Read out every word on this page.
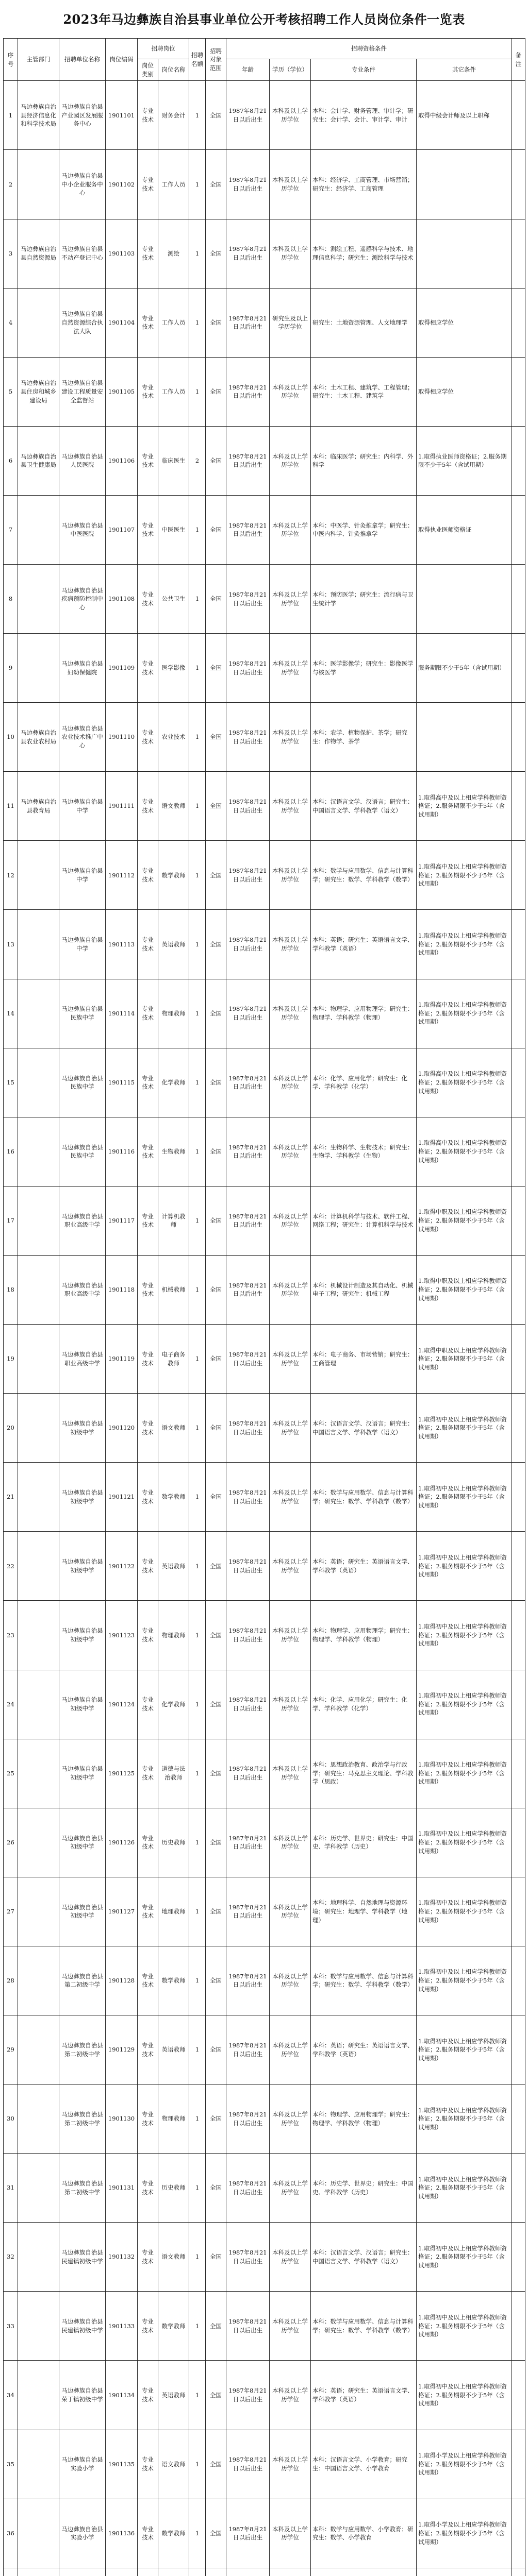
2023年马边彝族自治县事业单位公开考核招聘工作人员岗位条件一览表
序号	主管部门	招聘单位名称	岗位编码	招聘岗位		招聘名额	招聘对象范围	招聘资格条件				备注
				岗位类别	岗位名称			年龄	学历（学位）	专业条件	其它条件	
1	马边彝族自治县经济信息化和科学技术局	马边彝族自治县产业园区发展服务中心	1901101	专业技术	财务会计	1	全国	1987年8月21日以后出生	本科及以上学历学位	本科：会计学、财务管理、审计学；研究生：会计学、会计、审计学、审计	取得中级会计师及以上职称	
2		马边彝族自治县中小企业服务中心	1901102	专业技术	工作人员	1	全国	1987年8月21日以后出生	本科及以上学历学位	本科：经济学、工商管理、市场营销；研究生：经济学、工商管理		
3	马边彝族自治县自然资源局	马边彝族自治县不动产登记中心	1901103	专业技术	测绘	1	全国	1987年8月21日以后出生	本科及以上学历学位	本科：测绘工程、遥感科学与技术、地理信息科学；研究生：测绘科学与技术		
4		马边彝族自治县自然资源综合执法大队	1901104	专业技术	工作人员	1	全国	1987年8月21日以后出生	研究生及以上学历学位	研究生：土地资源管理、人文地理学	取得相应学位	
5	马边彝族自治县住房和城乡建设局	马边彝族自治县建设工程质量安全监督站	1901105	专业技术	工作人员	1	全国	1987年8月21日以后出生	本科及以上学历学位	本科：土木工程、建筑学、工程管理；研究生：土木工程、建筑学	取得相应学位	
6	马边彝族自治县卫生健康局	马边彝族自治县人民医院	1901106	专业技术	临床医生	2	全国	1987年8月21日以后出生	本科及以上学历学位	本科：临床医学；研究生：内科学、外科学	1.取得执业医师资格证；2.服务期限不少于5年（含试用期）	
7		马边彝族自治县中医医院	1901107	专业技术	中医医生	1	全国	1987年8月21日以后出生	本科及以上学历学位	本科：中医学、针灸推拿学；研究生：中医内科学、针灸推拿学	取得执业医师资格证	
8		马边彝族自治县疾病预防控制中心	1901108	专业技术	公共卫生	1	全国	1987年8月21日以后出生	本科及以上学历学位	本科：预防医学；研究生：流行病与卫生统计学		
9		马边彝族自治县妇幼保健院	1901109	专业技术	医学影像	1	全国	1987年8月21日以后出生	本科及以上学历学位	本科：医学影像学；研究生：影像医学与核医学	服务期限不少于5年（含试用期）	
10	马边彝族自治县农业农村局	马边彝族自治县农业技术推广中心	1901110	专业技术	农业技术	1	全国	1987年8月21日以后出生	本科及以上学历学位	本科：农学、植物保护、茶学；研究生：作物学、茶学		
11	马边彝族自治县教育局	马边彝族自治县中学	1901111	专业技术	语文教师	1	全国	1987年8月21日以后出生	本科及以上学历学位	本科：汉语言文学、汉语言；研究生：中国语言文学、学科教学（语文）	1.取得高中及以上相应学科教师资格证；2.服务期限不少于5年（含试用期）	
12		马边彝族自治县中学	1901112	专业技术	数学教师	1	全国	1987年8月21日以后出生	本科及以上学历学位	本科：数学与应用数学、信息与计算科学；研究生：数学、学科教学（数学）	1.取得高中及以上相应学科教师资格证；2.服务期限不少于5年（含试用期）	
13		马边彝族自治县中学	1901113	专业技术	英语教师	1	全国	1987年8月21日以后出生	本科及以上学历学位	本科：英语；研究生：英语语言文学、学科教学（英语）	1.取得高中及以上相应学科教师资格证；2.服务期限不少于5年（含试用期）	
14		马边彝族自治县民族中学	1901114	专业技术	物理教师	1	全国	1987年8月21日以后出生	本科及以上学历学位	本科：物理学、应用物理学；研究生：物理学、学科教学（物理）	1.取得高中及以上相应学科教师资格证；2.服务期限不少于5年（含试用期）	
15		马边彝族自治县民族中学	1901115	专业技术	化学教师	1	全国	1987年8月21日以后出生	本科及以上学历学位	本科：化学、应用化学；研究生：化学、学科教学（化学）	1.取得高中及以上相应学科教师资格证；2.服务期限不少于5年（含试用期）	
16		马边彝族自治县民族中学	1901116	专业技术	生物教师	1	全国	1987年8月21日以后出生	本科及以上学历学位	本科：生物科学、生物技术；研究生：生物学、学科教学（生物）	1.取得高中及以上相应学科教师资格证；2.服务期限不少于5年（含试用期）	
17		马边彝族自治县职业高级中学	1901117	专业技术	计算机教师	1	全国	1987年8月21日以后出生	本科及以上学历学位	本科：计算机科学与技术、软件工程、网络工程；研究生：计算机科学与技术	1.取得中职及以上相应学科教师资格证；2.服务期限不少于5年（含试用期）	
18		马边彝族自治县职业高级中学	1901118	专业技术	机械教师	1	全国	1987年8月21日以后出生	本科及以上学历学位	本科：机械设计制造及其自动化、机械电子工程；研究生：机械工程	1.取得中职及以上相应学科教师资格证；2.服务期限不少于5年（含试用期）	
19		马边彝族自治县职业高级中学	1901119	专业技术	电子商务教师	1	全国	1987年8月21日以后出生	本科及以上学历学位	本科：电子商务、市场营销；研究生：工商管理	1.取得中职及以上相应学科教师资格证；2.服务期限不少于5年（含试用期）	
20		马边彝族自治县初级中学	1901120	专业技术	语文教师	1	全国	1987年8月21日以后出生	本科及以上学历学位	本科：汉语言文学、汉语言；研究生：中国语言文学、学科教学（语文）	1.取得初中及以上相应学科教师资格证；2.服务期限不少于5年（含试用期）	
21		马边彝族自治县初级中学	1901121	专业技术	数学教师	1	全国	1987年8月21日以后出生	本科及以上学历学位	本科：数学与应用数学、信息与计算科学；研究生：数学、学科教学（数学）	1.取得初中及以上相应学科教师资格证；2.服务期限不少于5年（含试用期）	
22		马边彝族自治县初级中学	1901122	专业技术	英语教师	1	全国	1987年8月21日以后出生	本科及以上学历学位	本科：英语；研究生：英语语言文学、学科教学（英语）	1.取得初中及以上相应学科教师资格证；2.服务期限不少于5年（含试用期）	
23		马边彝族自治县初级中学	1901123	专业技术	物理教师	1	全国	1987年8月21日以后出生	本科及以上学历学位	本科：物理学、应用物理学；研究生：物理学、学科教学（物理）	1.取得初中及以上相应学科教师资格证；2.服务期限不少于5年（含试用期）	
24		马边彝族自治县初级中学	1901124	专业技术	化学教师	1	全国	1987年8月21日以后出生	本科及以上学历学位	本科：化学、应用化学；研究生：化学、学科教学（化学）	1.取得初中及以上相应学科教师资格证；2.服务期限不少于5年（含试用期）	
25		马边彝族自治县初级中学	1901125	专业技术	道德与法治教师	1	全国	1987年8月21日以后出生	本科及以上学历学位	本科：思想政治教育、政治学与行政学；研究生：马克思主义理论、学科教学（思政）	1.取得初中及以上相应学科教师资格证；2.服务期限不少于5年（含试用期）	
26		马边彝族自治县初级中学	1901126	专业技术	历史教师	1	全国	1987年8月21日以后出生	本科及以上学历学位	本科：历史学、世界史；研究生：中国史、学科教学（历史）	1.取得初中及以上相应学科教师资格证；2.服务期限不少于5年（含试用期）	
27		马边彝族自治县初级中学	1901127	专业技术	地理教师	1	全国	1987年8月21日以后出生	本科及以上学历学位	本科：地理科学、自然地理与资源环境；研究生：地理学、学科教学（地理）	1.取得初中及以上相应学科教师资格证；2.服务期限不少于5年（含试用期）	
28		马边彝族自治县第二初级中学	1901128	专业技术	数学教师	1	全国	1987年8月21日以后出生	本科及以上学历学位	本科：数学与应用数学、信息与计算科学；研究生：数学、学科教学（数学）	1.取得初中及以上相应学科教师资格证；2.服务期限不少于5年（含试用期）	
29		马边彝族自治县第二初级中学	1901129	专业技术	英语教师	1	全国	1987年8月21日以后出生	本科及以上学历学位	本科：英语；研究生：英语语言文学、学科教学（英语）	1.取得初中及以上相应学科教师资格证；2.服务期限不少于5年（含试用期）	
30		马边彝族自治县第二初级中学	1901130	专业技术	物理教师	1	全国	1987年8月21日以后出生	本科及以上学历学位	本科：物理学、应用物理学；研究生：物理学、学科教学（物理）	1.取得初中及以上相应学科教师资格证；2.服务期限不少于5年（含试用期）	
31		马边彝族自治县第二初级中学	1901131	专业技术	历史教师	1	全国	1987年8月21日以后出生	本科及以上学历学位	本科：历史学、世界史；研究生：中国史、学科教学（历史）	1.取得初中及以上相应学科教师资格证；2.服务期限不少于5年（含试用期）	
32		马边彝族自治县民建镇初级中学	1901132	专业技术	语文教师	1	全国	1987年8月21日以后出生	本科及以上学历学位	本科：汉语言文学、汉语言；研究生：中国语言文学、学科教学（语文）	1.取得初中及以上相应学科教师资格证；2.服务期限不少于5年（含试用期）	
33		马边彝族自治县民建镇初级中学	1901133	专业技术	数学教师	1	全国	1987年8月21日以后出生	本科及以上学历学位	本科：数学与应用数学、信息与计算科学；研究生：数学、学科教学（数学）	1.取得初中及以上相应学科教师资格证；2.服务期限不少于5年（含试用期）	
34		马边彝族自治县荣丁镇初级中学	1901134	专业技术	英语教师	1	全国	1987年8月21日以后出生	本科及以上学历学位	本科：英语；研究生：英语语言文学、学科教学（英语）	1.取得初中及以上相应学科教师资格证；2.服务期限不少于5年（含试用期）	
35		马边彝族自治县实验小学	1901135	专业技术	语文教师	1	全国	1987年8月21日以后出生	本科及以上学历学位	本科：汉语言文学、小学教育；研究生：中国语言文学、小学教育	1.取得小学及以上相应学科教师资格证；2.服务期限不少于5年（含试用期）	
36		马边彝族自治县实验小学	1901136	专业技术	数学教师	1	全国	1987年8月21日以后出生	本科及以上学历学位	本科：数学与应用数学、小学教育；研究生：数学、小学教育	1.取得小学及以上相应学科教师资格证；2.服务期限不少于5年（含试用期）	
